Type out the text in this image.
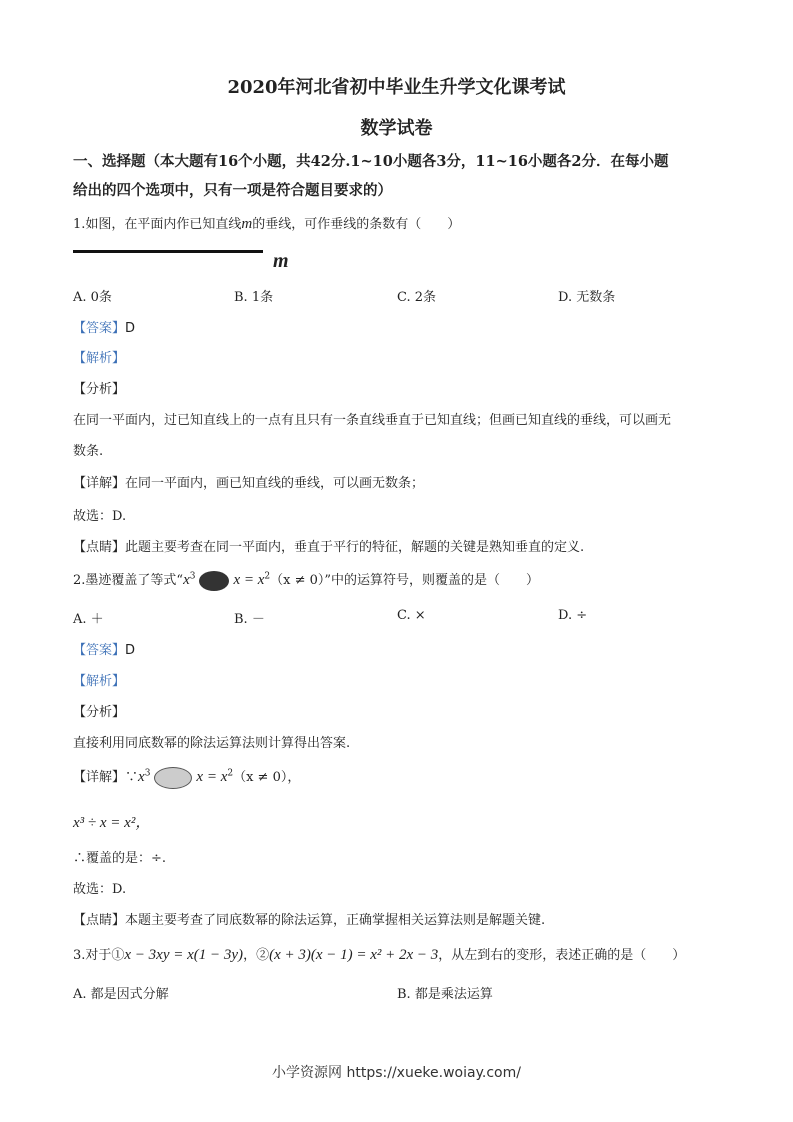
2020年河北省初中毕业生升学文化课考试
数学试卷
一、选择题（本大题有16个小题，共42分.1~10小题各3分，11~16小题各2分．在每小题
给出的四个选项中，只有一项是符合题目要求的）
1.如图，在平面内作已知直线m的垂线，可作垂线的条数有（　　）
m
A. 0条	B. 1条	C. 2条	D. 无数条
【答案】D
【解析】
【分析】
在同一平面内，过已知直线上的一点有且只有一条直线垂直于已知直线；但画已知直线的垂线，可以画无
数条.
【详解】在同一平面内，画已知直线的垂线，可以画无数条；
故选：D.
【点睛】此题主要考查在同一平面内，垂直于平行的特征，解题的关键是熟知垂直的定义.
2.墨迹覆盖了等式“$x^3$	$x = x^2(x \ne 0)$”中的运算符号，则覆盖的是（　　）
A. ＋	B. －	C. ×	D. ÷
【答案】D
【解析】
【分析】
直接利用同底数幂的除法运算法则计算得出答案.
【详解】$\because x^3$	$x = x^2(x \ne 0)$，
x³ ÷ x = x²，
∴覆盖的是：÷.
故选：D.
【点睛】本题主要考查了同底数幂的除法运算，正确掌握相关运算法则是解题关键.
3.对于①x − 3xy = x(1 − 3y)，②(x + 3)(x − 1) = x² + 2x − 3，从左到右的变形，表述正确的是（　　）
A. 都是因式分解	B. 都是乘法运算
小学资源网 https://xueke.woiay.com/
